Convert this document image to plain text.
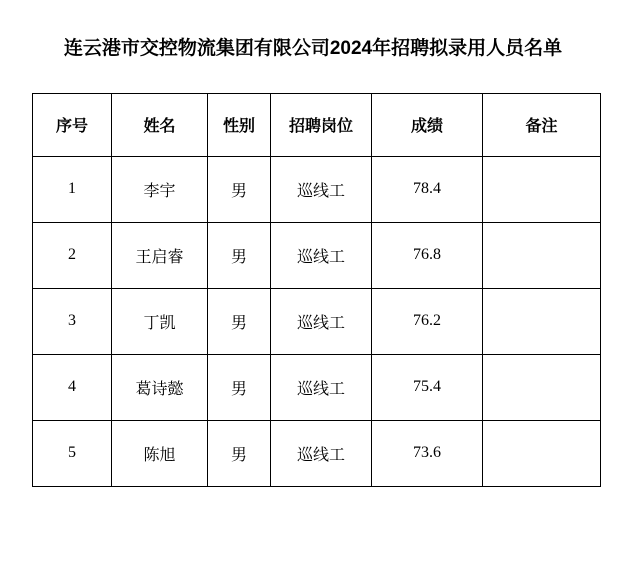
连云港市交控物流集团有限公司2024年招聘拟录用人员名单
序号	姓名	性别	招聘岗位	成绩	备注
1	李宇	男	巡线工	78.4	
2	王启睿	男	巡线工	76.8	
3	丁凯	男	巡线工	76.2	
4	葛诗懿	男	巡线工	75.4	
5	陈旭	男	巡线工	73.6	
